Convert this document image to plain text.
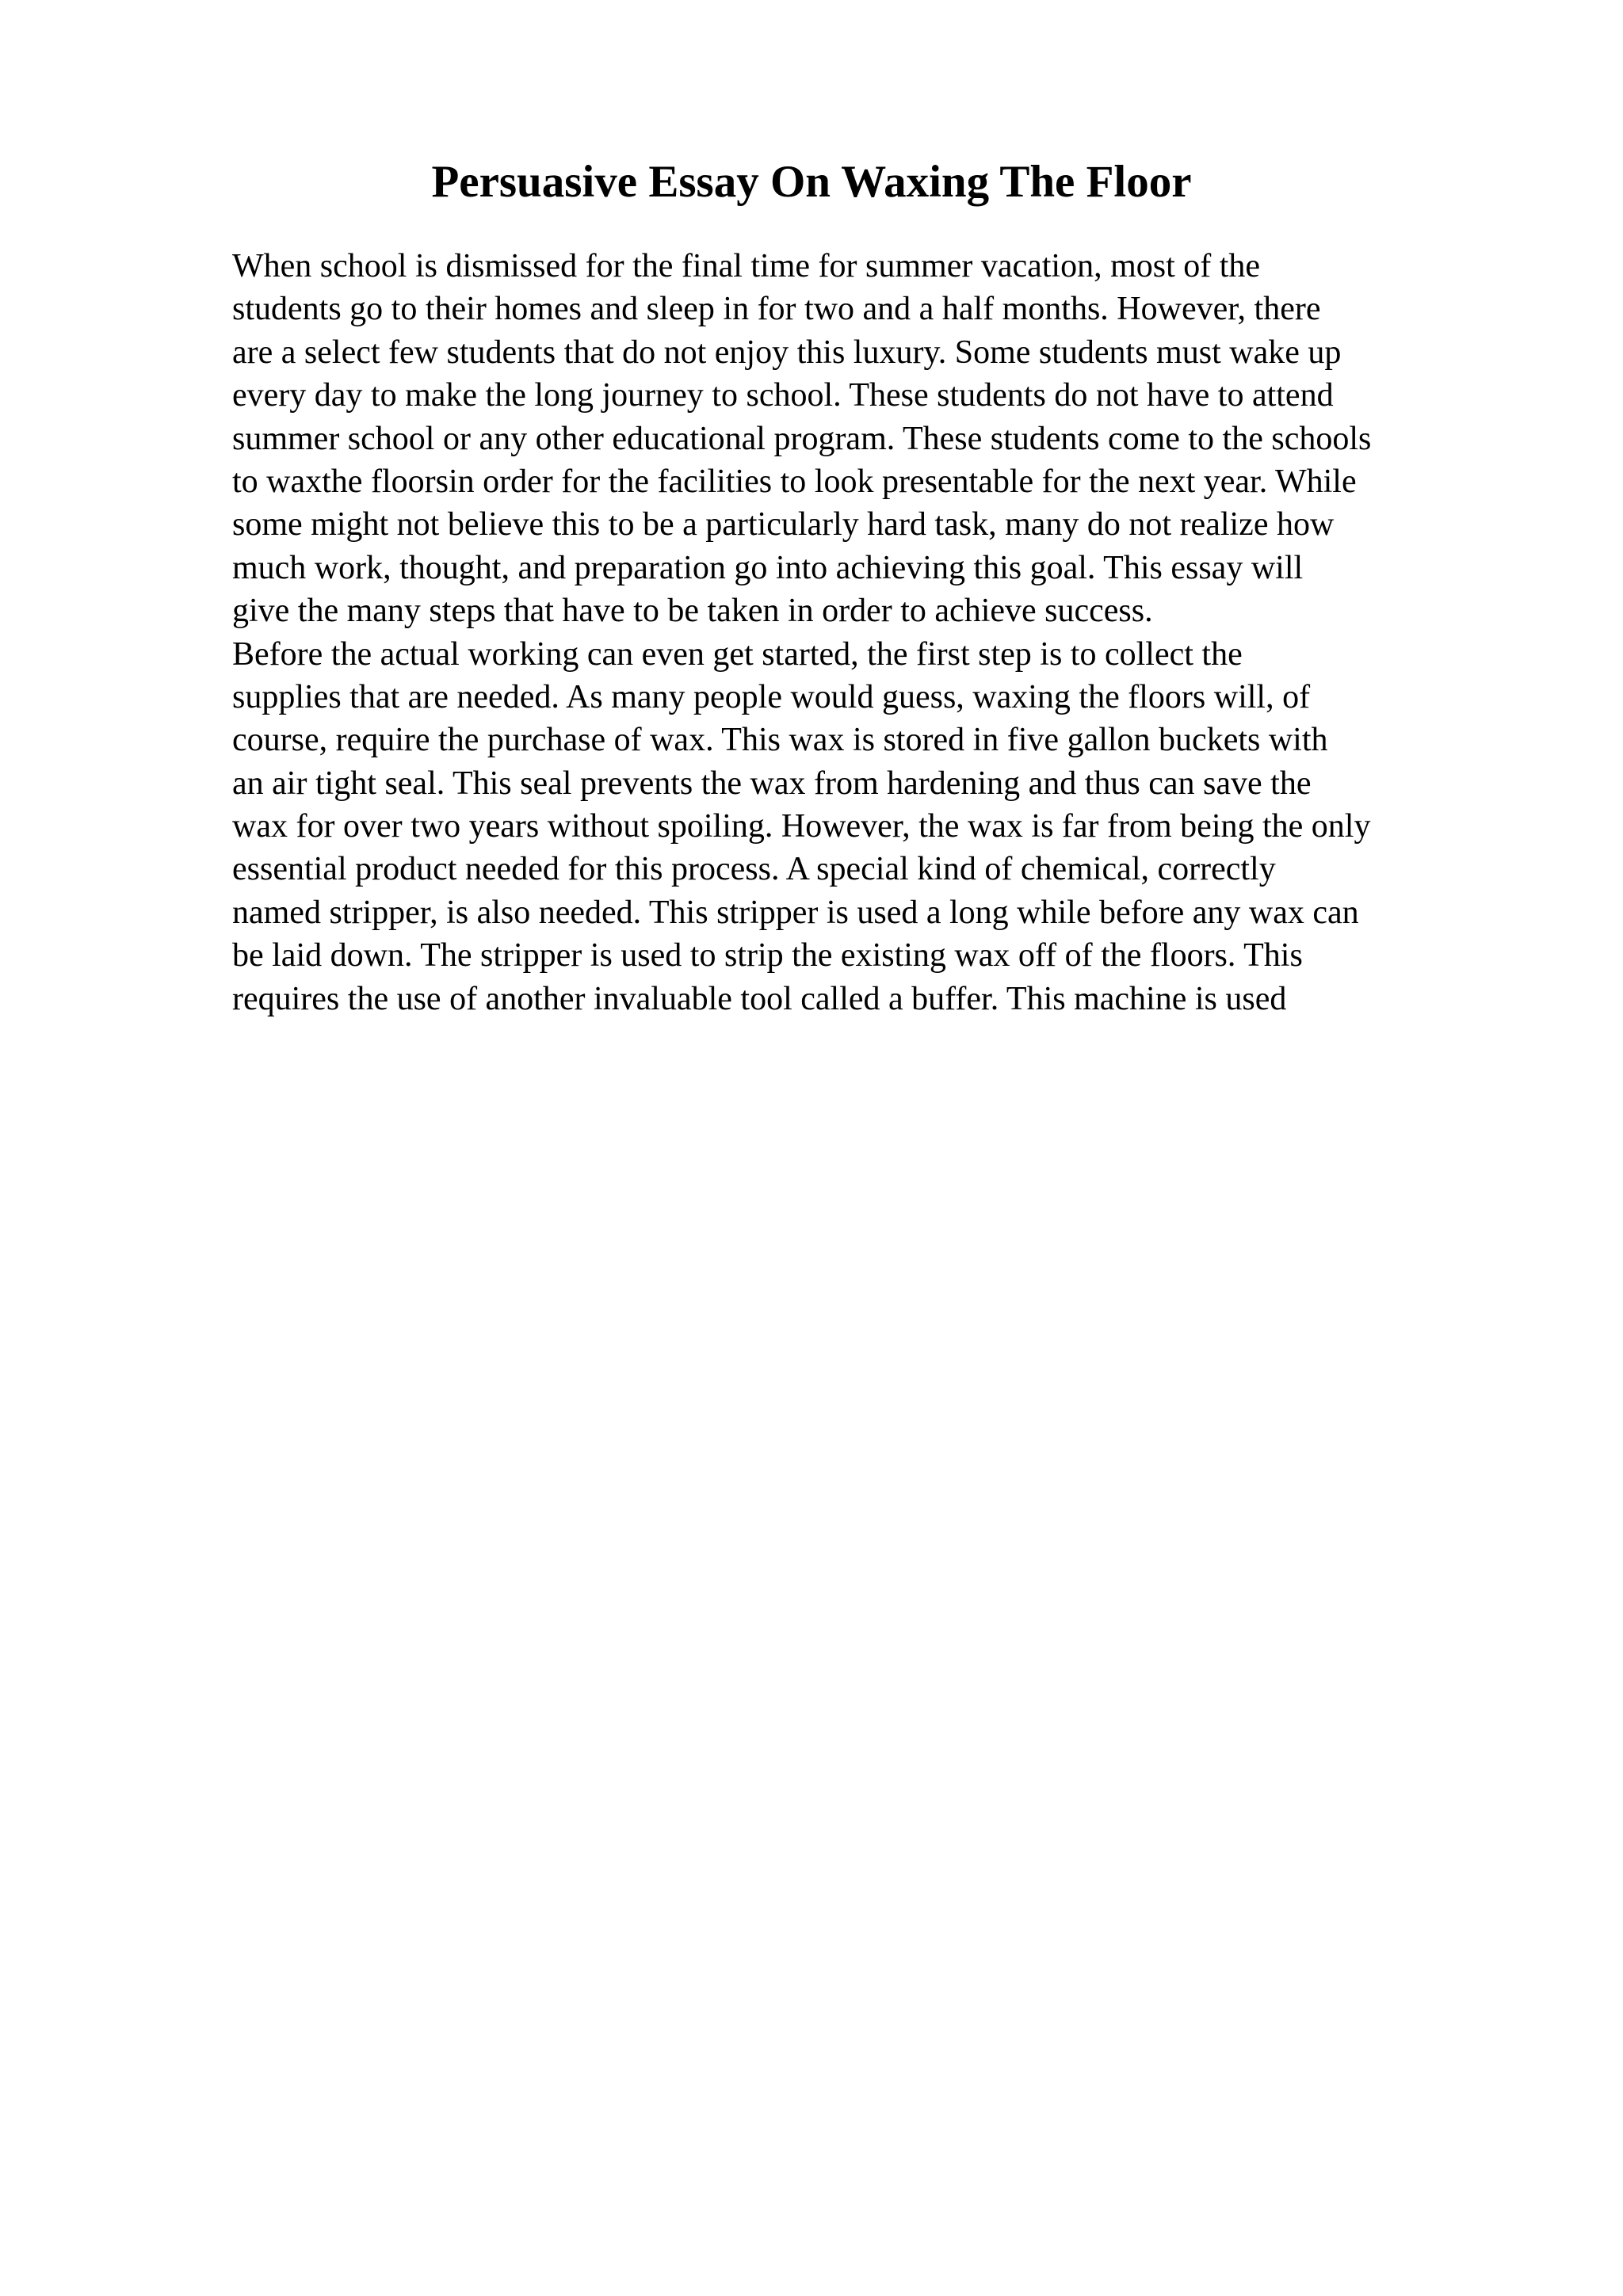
Persuasive Essay On Waxing The Floor
When school is dismissed for the final time for summer vacation, most of the
students go to their homes and sleep in for two and a half months. However, there
are a select few students that do not enjoy this luxury. Some students must wake up
every day to make the long journey to school. These students do not have to attend
summer school or any other educational program. These students come to the schools
to waxthe floorsin order for the facilities to look presentable for the next year. While
some might not believe this to be a particularly hard task, many do not realize how
much work, thought, and preparation go into achieving this goal. This essay will
give the many steps that have to be taken in order to achieve success.
Before the actual working can even get started, the first step is to collect the
supplies that are needed. As many people would guess, waxing the floors will, of
course, require the purchase of wax. This wax is stored in five gallon buckets with
an air tight seal. This seal prevents the wax from hardening and thus can save the
wax for over two years without spoiling. However, the wax is far from being the only
essential product needed for this process. A special kind of chemical, correctly
named stripper, is also needed. This stripper is used a long while before any wax can
be laid down. The stripper is used to strip the existing wax off of the floors. This
requires the use of another invaluable tool called a buffer. This machine is used
